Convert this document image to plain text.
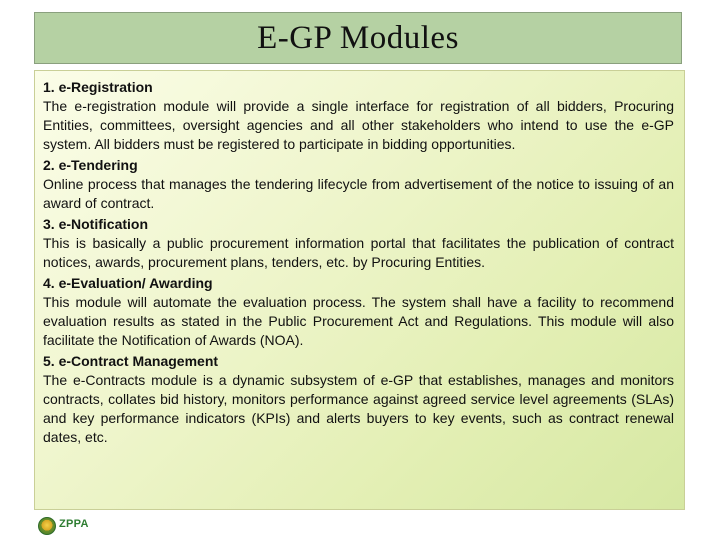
E-GP Modules

1. e-Registration

The e-registration module will provide a single interface for registration of all bidders, Procuring Entities, committees, oversight agencies and all other stakeholders who intend to use the e-GP system. All bidders must be registered to participate in bidding opportunities.

2. e-Tendering

Online process that manages the tendering lifecycle from advertisement of the notice to issuing of an award of contract.

3. e-Notification

This is basically a public procurement information portal that facilitates the publication of contract notices, awards, procurement plans, tenders, etc. by Procuring Entities.

4. e-Evaluation/ Awarding

This module will automate the evaluation process. The system shall have a facility to recommend evaluation results as stated in the Public Procurement Act and Regulations. This module will also facilitate the Notification of Awards (NOA).

5. e-Contract Management

The e-Contracts module is a dynamic subsystem of e-GP that establishes, manages and monitors contracts, collates bid history, monitors performance against agreed service level agreements (SLAs) and key performance indicators (KPIs) and alerts buyers to key events, such as contract renewal dates, etc.

ZPPA
